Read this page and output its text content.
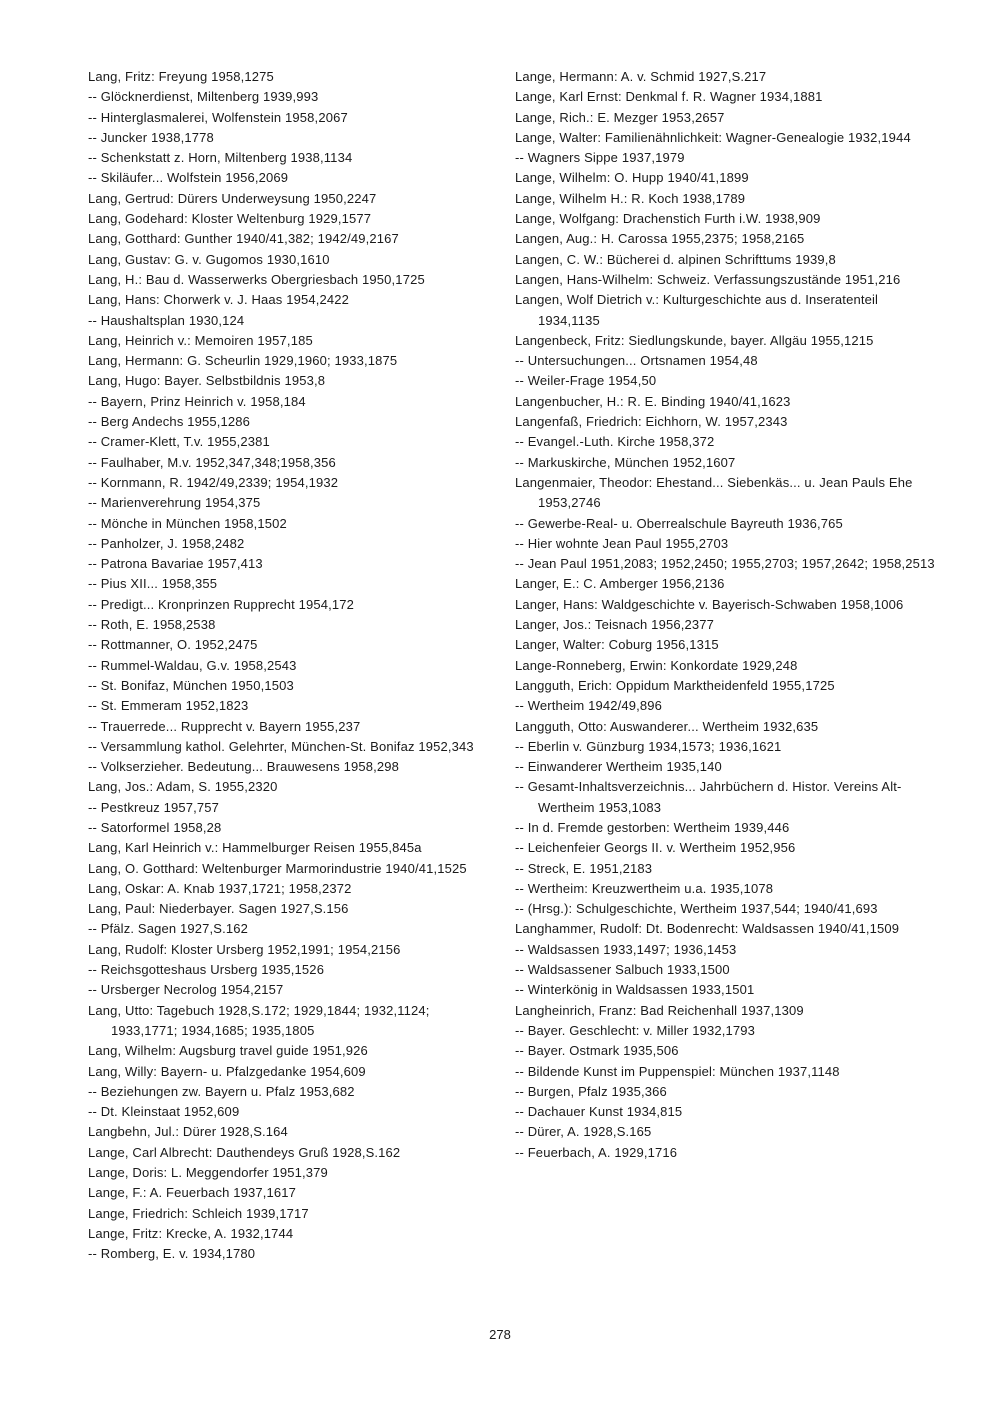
Lang, Fritz: Freyung 1958,1275
-- Glöcknerdienst, Miltenberg 1939,993
-- Hinterglasmalerei, Wolfenstein 1958,2067
-- Juncker 1938,1778
-- Schenkstatt z. Horn, Miltenberg 1938,1134
-- Skiläufer... Wolfstein 1956,2069
Lang, Gertrud: Dürers Underweysung 1950,2247
Lang, Godehard: Kloster Weltenburg 1929,1577
Lang, Gotthard: Gunther 1940/41,382; 1942/49,2167
Lang, Gustav: G. v. Gugomos 1930,1610
Lang, H.: Bau d. Wasserwerks Obergriesbach 1950,1725
Lang, Hans: Chorwerk v. J. Haas 1954,2422
-- Haushaltsplan 1930,124
Lang, Heinrich v.: Memoiren 1957,185
Lang, Hermann: G. Scheurlin 1929,1960; 1933,1875
Lang, Hugo: Bayer. Selbstbildnis 1953,8
-- Bayern, Prinz Heinrich v. 1958,184
-- Berg Andechs 1955,1286
-- Cramer-Klett, T.v. 1955,2381
-- Faulhaber, M.v. 1952,347,348;1958,356
-- Kornmann, R. 1942/49,2339; 1954,1932
-- Marienverehrung 1954,375
-- Mönche in München 1958,1502
-- Panholzer, J. 1958,2482
-- Patrona Bavariae 1957,413
-- Pius XII... 1958,355
-- Predigt... Kronprinzen Rupprecht 1954,172
-- Roth, E. 1958,2538
-- Rottmanner, O. 1952,2475
-- Rummel-Waldau, G.v. 1958,2543
-- St. Bonifaz, München 1950,1503
-- St. Emmeram 1952,1823
-- Trauerrede... Rupprecht v. Bayern 1955,237
-- Versammlung kathol. Gelehrter, München-St. Bonifaz 1952,343
-- Volkserzieher. Bedeutung... Brauwesens 1958,298
Lang, Jos.: Adam, S. 1955,2320
-- Pestkreuz 1957,757
-- Satorformel 1958,28
Lang, Karl Heinrich v.: Hammelburger Reisen 1955,845a
Lang, O. Gotthard: Weltenburger Marmorindustrie 1940/41,1525
Lang, Oskar: A. Knab 1937,1721; 1958,2372
Lang, Paul: Niederbayer. Sagen 1927,S.156
-- Pfälz. Sagen 1927,S.162
Lang, Rudolf: Kloster Ursberg 1952,1991; 1954,2156
-- Reichsgotteshaus Ursberg 1935,1526
-- Ursberger Necrolog 1954,2157
Lang, Utto: Tagebuch 1928,S.172; 1929,1844; 1932,1124; 1933,1771; 1934,1685; 1935,1805
Lang, Wilhelm: Augsburg travel guide 1951,926
Lang, Willy: Bayern- u. Pfalzgedanke 1954,609
-- Beziehungen zw. Bayern u. Pfalz 1953,682
-- Dt. Kleinstaat 1952,609
Langbehn, Jul.: Dürer 1928,S.164
Lange, Carl Albrecht: Dauthendeys Gruß 1928,S.162
Lange, Doris: L. Meggendorfer 1951,379
Lange, F.: A. Feuerbach 1937,1617
Lange, Friedrich: Schleich 1939,1717
Lange, Fritz: Krecke, A. 1932,1744
-- Romberg, E. v. 1934,1780
Lange, Hermann: A. v. Schmid 1927,S.217
Lange, Karl Ernst: Denkmal f. R. Wagner 1934,1881
Lange, Rich.: E. Mezger 1953,2657
Lange, Walter: Familienähnlichkeit: Wagner-Genealogie 1932,1944
-- Wagners Sippe 1937,1979
Lange, Wilhelm: O. Hupp 1940/41,1899
Lange, Wilhelm H.: R. Koch 1938,1789
Lange, Wolfgang: Drachenstich Furth i.W. 1938,909
Langen, Aug.: H. Carossa 1955,2375; 1958,2165
Langen, C. W.: Bücherei d. alpinen Schrifttums 1939,8
Langen, Hans-Wilhelm: Schweiz. Verfassungszustände 1951,216
Langen, Wolf Dietrich v.: Kulturgeschichte aus d. Inseratenteil 1934,1135
Langenbeck, Fritz: Siedlungskunde, bayer. Allgäu 1955,1215
-- Untersuchungen... Ortsnamen 1954,48
-- Weiler-Frage 1954,50
Langenbucher, H.: R. E. Binding 1940/41,1623
Langenfaß, Friedrich: Eichhorn, W. 1957,2343
-- Evangel.-Luth. Kirche 1958,372
-- Markuskirche, München 1952,1607
Langenmaier, Theodor: Ehestand... Siebenkäs... u. Jean Pauls Ehe 1953,2746
-- Gewerbe-Real- u. Oberrealschule Bayreuth 1936,765
-- Hier wohnte Jean Paul 1955,2703
-- Jean Paul 1951,2083; 1952,2450; 1955,2703; 1957,2642; 1958,2513
Langer, E.: C. Amberger 1956,2136
Langer, Hans: Waldgeschichte v. Bayerisch-Schwaben 1958,1006
Langer, Jos.: Teisnach 1956,2377
Langer, Walter: Coburg 1956,1315
Lange-Ronneberg, Erwin: Konkordate 1929,248
Langguth, Erich: Oppidum Marktheidenfeld 1955,1725
-- Wertheim 1942/49,896
Langguth, Otto: Auswanderer... Wertheim 1932,635
-- Eberlin v. Günzburg 1934,1573; 1936,1621
-- Einwanderer Wertheim 1935,140
-- Gesamt-Inhaltsverzeichnis... Jahrbüchern d. Histor. Vereins Alt-Wertheim 1953,1083
-- In d. Fremde gestorben: Wertheim 1939,446
-- Leichenfeier Georgs II. v. Wertheim 1952,956
-- Streck, E. 1951,2183
-- Wertheim: Kreuzwertheim u.a. 1935,1078
-- (Hrsg.): Schulgeschichte, Wertheim 1937,544; 1940/41,693
Langhammer, Rudolf: Dt. Bodenrecht: Waldsassen 1940/41,1509
-- Waldsassen 1933,1497; 1936,1453
-- Waldsassener Salbuch 1933,1500
-- Winterkönig in Waldsassen 1933,1501
Langheinrich, Franz: Bad Reichenhall 1937,1309
-- Bayer. Geschlecht: v. Miller 1932,1793
-- Bayer. Ostmark 1935,506
-- Bildende Kunst im Puppenspiel: München 1937,1148
-- Burgen, Pfalz 1935,366
-- Dachauer Kunst 1934,815
-- Dürer, A. 1928,S.165
-- Feuerbach, A. 1929,1716
278
